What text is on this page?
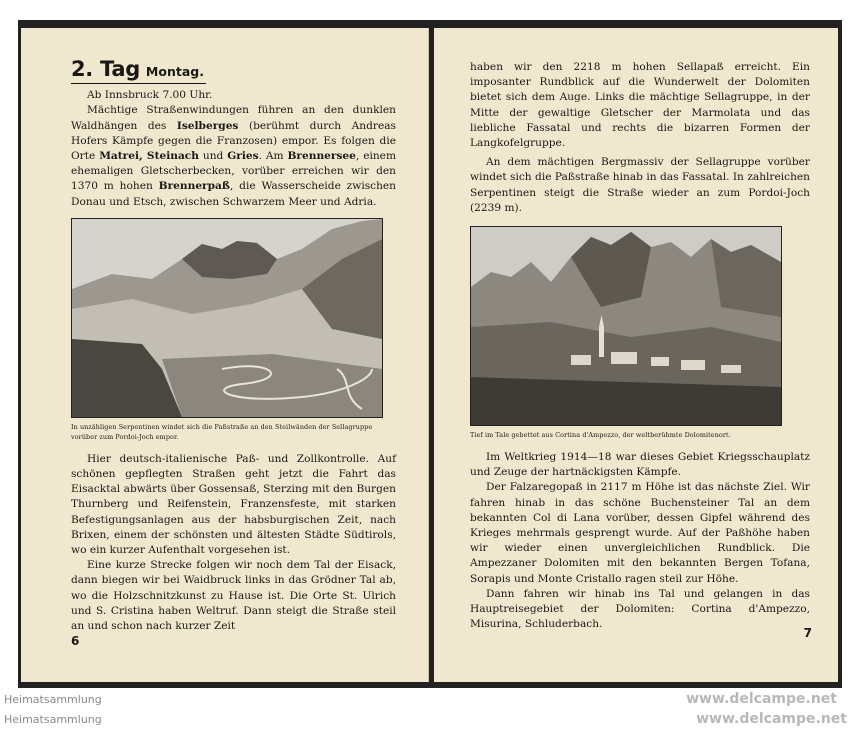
2. Tag Montag.

Ab Innsbruck 7.00 Uhr.

Mächtige Straßenwindungen führen an den dunklen Waldhängen des Iselberges (berühmt durch Andreas Hofers Kämpfe gegen die Franzosen) empor. Es folgen die Orte Matrei, Steinach und Gries. Am Brennersee, einem ehemaligen Gletscherbecken, vorüber erreichen wir den 1370 m hohen Brennerpaß, die Wasserscheide zwischen Donau und Etsch, zwischen Schwarzem Meer und Adria.

In unzähligen Serpentinen windet sich die Paßstraße an den Steilwänden der Sellagruppe vorüber zum Pordoi-Joch empor.

Hier deutsch-italienische Paß- und Zollkontrolle. Auf schönen gepflegten Straßen geht jetzt die Fahrt das Eisacktal abwärts über Gossensaß, Sterzing mit den Burgen Thurnberg und Reifenstein, Franzensfeste, mit starken Befestigungsanlagen aus der habsburgischen Zeit, nach Brixen, einem der schönsten und ältesten Städte Südtirols, wo ein kurzer Aufenthalt vorgesehen ist.

Eine kurze Strecke folgen wir noch dem Tal der Eisack, dann biegen wir bei Waidbruck links in das Grödner Tal ab, wo die Holzschnitzkunst zu Hause ist. Die Orte St. Ulrich und S. Cristina haben Weltruf. Dann steigt die Straße steil an und schon nach kurzer Zeit

6

haben wir den 2218 m hohen Sellapaß erreicht. Ein imposanter Rundblick auf die Wunderwelt der Dolomiten bietet sich dem Auge. Links die mächtige Sellagruppe, in der Mitte der gewaltige Gletscher der Marmolata und das liebliche Fassatal und rechts die bizarren Formen der Langkofelgruppe.

An dem mächtigen Bergmassiv der Sellagruppe vorüber windet sich die Paßstraße hinab in das Fassatal. In zahlreichen Serpentinen steigt die Straße wieder an zum Pordoi-Joch (2239 m).

Tief im Tale gebettet aus Cortina d'Ampezzo, der weltberühmte Dolomitenort.

Im Weltkrieg 1914—18 war dieses Gebiet Kriegsschauplatz und Zeuge der hartnäckigsten Kämpfe.

Der Falzaregopaß in 2117 m Höhe ist das nächste Ziel. Wir fahren hinab in das schöne Buchensteiner Tal an dem bekannten Col di Lana vorüber, dessen Gipfel während des Krieges mehrmals gesprengt wurde. Auf der Paßhöhe haben wir wieder einen unvergleichlichen Rundblick. Die Ampezzaner Dolomiten mit den bekannten Bergen Tofana, Sorapis und Monte Cristallo ragen steil zur Höhe.

Dann fahren wir hinab ins Tal und gelangen in das Hauptreisegebiet der Dolomiten: Cortina d'Ampezzo, Misurina, Schluderbach.

7
Heimatsammlung
Heimatsammlung
www.delcampe.net
www.delcampe.net
